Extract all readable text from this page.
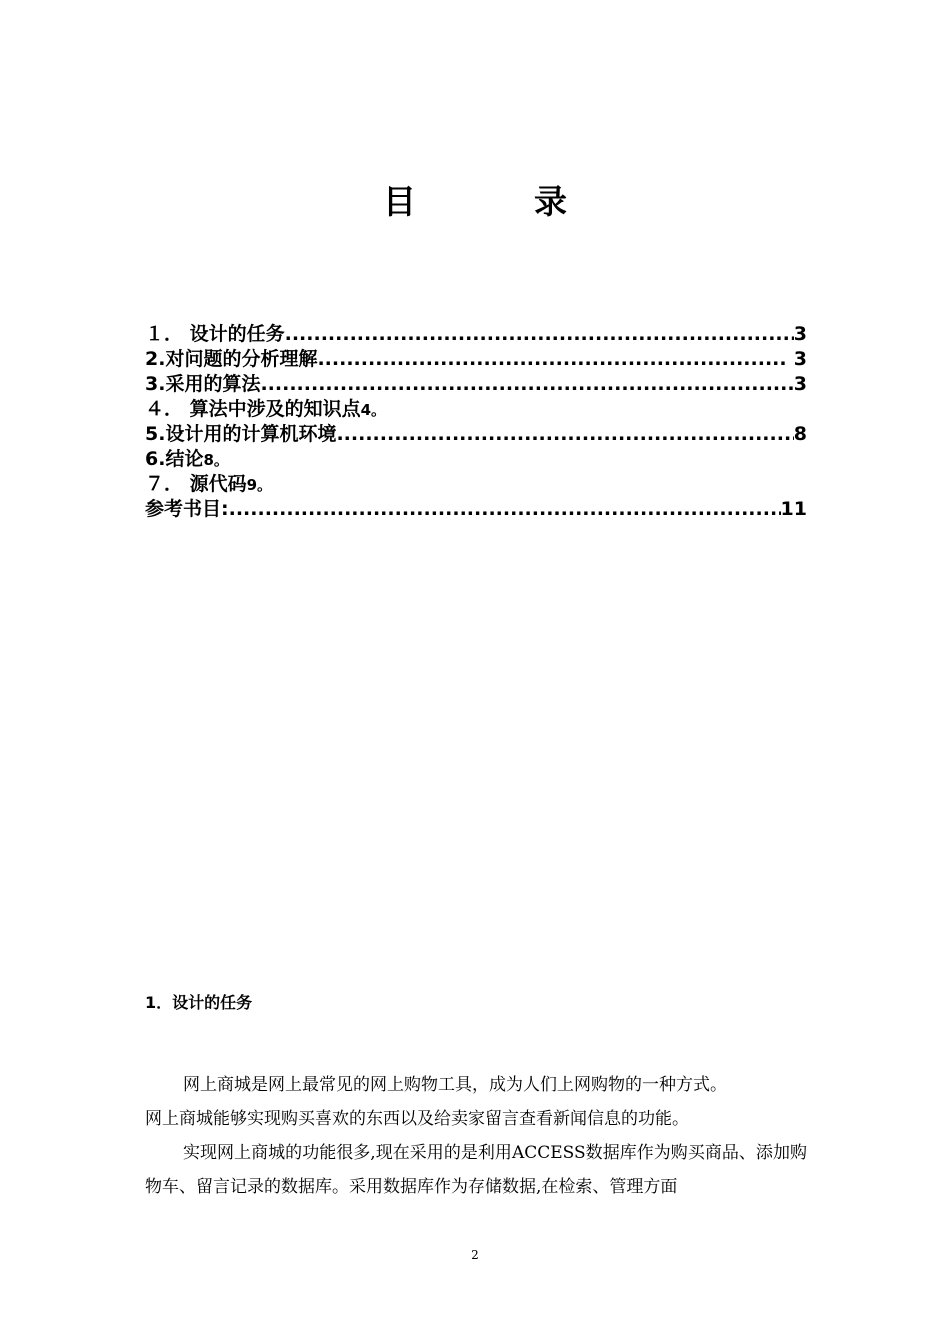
目	录
１． 设计的任务 .....	3
2.对问题的分析理解 .....	3
3.采用的算法 .....	3
４． 算法中涉及的知识点 4。
5.设计用的计算机环境 .....	8
6.结论 8。
７． 源代码 9。
参考书目: .....	11
1．设计的任务

网上商城是网上最常见的网上购物工具，成为人们上网购物的一种方式。

网上商城能够实现购买喜欢的东西以及给卖家留言查看新闻信息的功能。

实现网上商城的功能很多,现在采用的是利用ACCESS数据库作为购买商品、添加购物车、留言记录的数据库。采用数据库作为存储数据,在检索、管理方面

2
